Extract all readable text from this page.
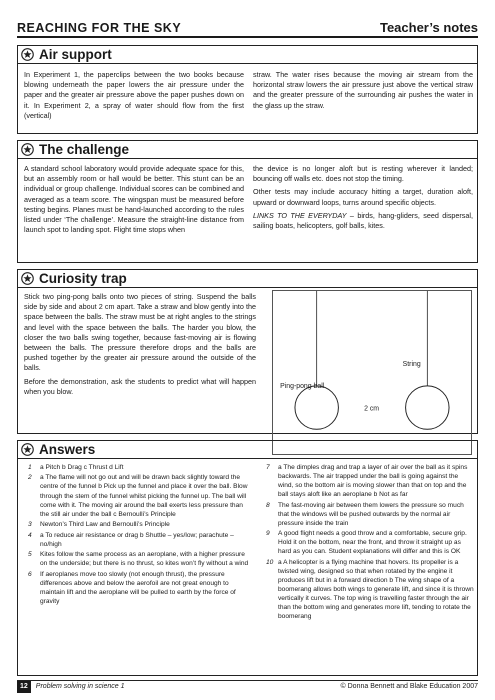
REACHING FOR THE SKY	Teacher’s notes
Air support

In Experiment 1, the paperclips between the two books because blowing underneath the paper lowers the air pressure under the paper and the greater air pressure above the paper pushes down on it. In Experiment 2, a spray of water should flow from the first (vertical)

straw. The water rises because the moving air stream from the horizontal straw lowers the air pressure just above the vertical straw and the greater pressure of the surrounding air pushes the water in the glass up the straw.

The challenge

A standard school laboratory would provide adequate space for this, but an assembly room or hall would be better. This stunt can be an individual or group challenge. Individual scores can be combined and averaged as a team score. The wingspan must be measured before testing begins. Planes must be hand-launched according to the rules listed under ‘The challenge’. Measure the straight-line distance from launch spot to landing spot. Flight time stops when

the device is no longer aloft but is resting wherever it landed; bouncing off walls etc. does not stop the timing.

Other tests may include accuracy hitting a target, duration aloft, upward or downward loops, turns around specific objects.

LINKS TO THE EVERYDAY – birds, hang-gliders, seed dispersal, sailing boats, helicopters, golf balls, kites.

Curiosity trap

Stick two ping-pong balls onto two pieces of string. Suspend the balls side by side and about 2 cm apart. Take a straw and blow gently into the space between the balls. The straw must be at right angles to the strings and level with the space between the balls. The harder you blow, the closer the two balls swing together, because fast-moving air is flowing between the balls. The pressure therefore drops and the balls are pushed together by the greater air pressure around the outside of the balls.

Before the demonstration, ask the students to predict what will happen when you blow.

String
Ping-pong ball
2 cm
Answers
1 a Pitch b Drag c Thrust d Lift
2 a The flame will not go out and will be drawn back slightly toward the centre of the funnel b Pick up the funnel and place it over the ball. Blow through the stem of the funnel whilst picking the funnel up. The ball will come with it. The moving air around the ball exerts less pressure than the still air under the ball c Bernoulli’s Principle
3 Newton’s Third Law and Bernoulli’s Principle
4 a To reduce air resistance or drag b Shuttle – yes/low; parachute – no/high
5 Kites follow the same process as an aeroplane, with a higher pressure on the underside; but there is no thrust, so kites won’t fly without a wind
6 If aeroplanes move too slowly (not enough thrust), the pressure differences above and below the aerofoil are not great enough to maintain lift and the aeroplane will be pulled to earth by the force of gravity
7 a The dimples drag and trap a layer of air over the ball as it spins backwards. The air trapped under the ball is going against the wind, so the bottom air is moving slower than that on top and the ball stays aloft like an aeroplane b Not as far
8 The fast-moving air between them lowers the pressure so much that the windows will be pushed outwards by the normal air pressure inside the train
9 A good flight needs a good throw and a comfortable, secure grip. Hold it on the bottom, near the front, and throw it straight up as hard as you can. Student explanations will differ and this is OK
10 a A helicopter is a flying machine that hovers. Its propeller is a twisted wing, designed so that when rotated by the engine it produces lift but in a forward direction b The wing shape of a boomerang allows both wings to generate lift, and since it is thrown vertically it curves. The top wing is travelling faster through the air than the bottom wing and generates more lift, tending to rotate the boomerang
12	Problem solving in science 1	© Donna Bennett and Blake Education 2007
